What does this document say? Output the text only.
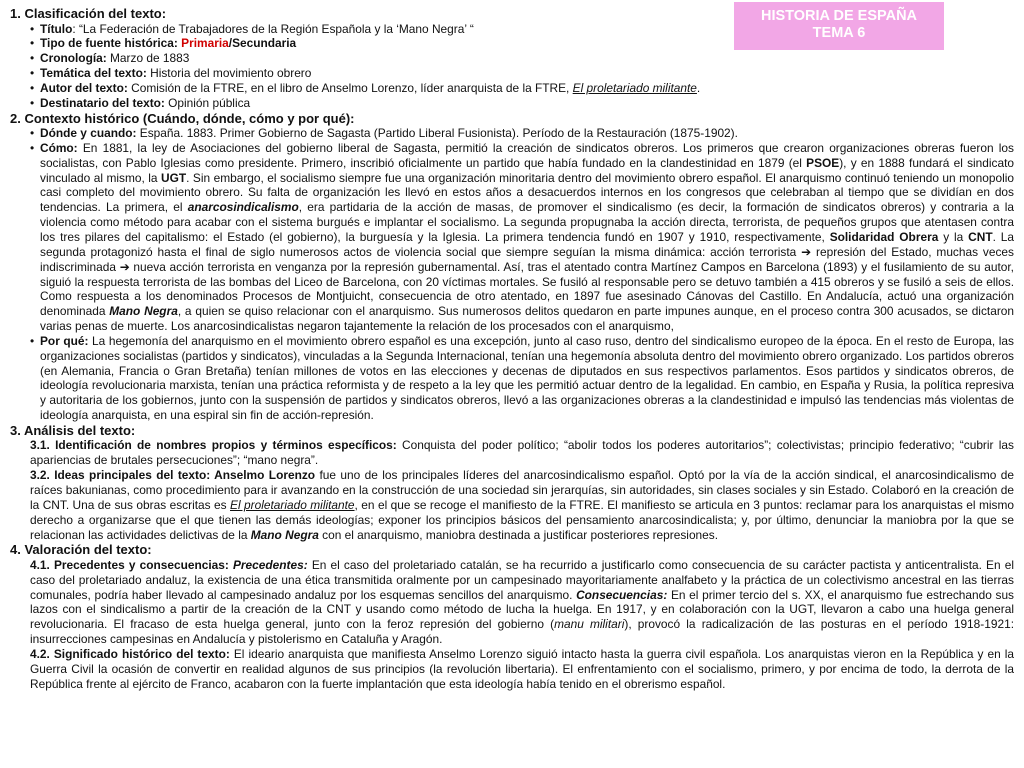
HISTORIA DE ESPAÑA
TEMA 6
1. Clasificación del texto:
• Título: “La Federación de Trabajadores de la Región Española y la ‘Mano Negra’ “
• Tipo de fuente histórica: Primaria/Secundaria
• Cronología: Marzo de 1883
• Temática del texto: Historia del movimiento obrero
• Autor del texto: Comisión de la FTRE, en el libro de Anselmo Lorenzo, líder anarquista de la FTRE, El proletariado militante.
• Destinatario del texto: Opinión pública
2. Contexto histórico (Cuándo, dónde, cómo y por qué):
• Dónde y cuando: España. 1883. Primer Gobierno de Sagasta (Partido Liberal Fusionista). Período de la Restauración (1875-1902).
• Cómo: En 1881, la ley de Asociaciones del gobierno liberal de Sagasta, permitió la creación de sindicatos obreros. Los primeros que crearon organizaciones obreras fueron los socialistas, con Pablo Iglesias como presidente. Primero, inscribió oficialmente un partido que había fundado en la clandestinidad en 1879 (el PSOE), y en 1888 fundará el sindicato vinculado al mismo, la UGT. Sin embargo, el socialismo siempre fue una organización minoritaria dentro del movimiento obrero español. El anarquismo continuó teniendo un monopolio casi completo del movimiento obrero. Su falta de organización les llevó en estos años a desacuerdos internos en los congresos que celebraban al tiempo que se dividían en dos tendencias. La primera, el anarcosindicalismo, era partidaria de la acción de masas, de promover el sindicalismo (es decir, la formación de sindicatos obreros) y contraria a la violencia como método para acabar con el sistema burgués e implantar el socialismo. La segunda propugnaba la acción directa, terrorista, de pequeños grupos que atentasen contra los tres pilares del capitalismo: el Estado (el gobierno), la burguesía y la Iglesia. La primera tendencia fundó en 1907 y 1910, respectivamente, Solidaridad Obrera y la CNT. La segunda protagonizó hasta el final de siglo numerosos actos de violencia social que siempre seguían la misma dinámica: acción terrorista ➔ represión del Estado, muchas veces indiscriminada ➔ nueva acción terrorista en venganza por la represión gubernamental. Así, tras el atentado contra Martínez Campos en Barcelona (1893) y el fusilamiento de su autor, siguió la respuesta terrorista de las bombas del Liceo de Barcelona, con 20 víctimas mortales. Se fusiló al responsable pero se detuvo también a 415 obreros y se fusiló a seis de ellos. Como respuesta a los denominados Procesos de Montjuicht, consecuencia de otro atentado, en 1897 fue asesinado Cánovas del Castillo. En Andalucía, actuó una organización denominada Mano Negra, a quien se quiso relacionar con el anarquismo. Sus numerosos delitos quedaron en parte impunes aunque, en el proceso contra 300 acusados, se dictaron varias penas de muerte. Los anarcosindicalistas negaron tajantemente la relación de los procesados con el anarquismo,
• Por qué: La hegemonía del anarquismo en el movimiento obrero español es una excepción, junto al caso ruso, dentro del sindicalismo europeo de la época. En el resto de Europa, las organizaciones socialistas (partidos y sindicatos), vinculadas a la Segunda Internacional, tenían una hegemonía absoluta dentro del movimiento obrero organizado. Los partidos obreros (en Alemania, Francia o Gran Bretaña) tenían millones de votos en las elecciones y decenas de diputados en sus respectivos parlamentos. Esos partidos y sindicatos obreros, de ideología revolucionaria marxista, tenían una práctica reformista y de respeto a la ley que les permitió actuar dentro de la legalidad. En cambio, en España y Rusia, la política represiva y autoritaria de los gobiernos, junto con la suspensión de partidos y sindicatos obreros, llevó a las organizaciones obreras a la clandestinidad e impulsó las tendencias más violentas de ideología anarquista, en una espiral sin fin de acción-represión.
3. Análisis del texto:
3.1. Identificación de nombres propios y términos específicos: Conquista del poder político; “abolir todos los poderes autoritarios”; colectivistas; principio federativo; “cubrir las apariencias de brutales persecuciones”; “mano negra”.
3.2. Ideas principales del texto: Anselmo Lorenzo fue uno de los principales líderes del anarcosindicalismo español. Optó por la vía de la acción sindical, el anarcosindicalismo de raíces bakunianas, como procedimiento para ir avanzando en la construcción de una sociedad sin jerarquías, sin autoridades, sin clases sociales y sin Estado. Colaboró en la creación de la CNT. Una de sus obras escritas es El proletariado militante, en el que se recoge el manifiesto de la FTRE. El manifiesto se articula en 3 puntos: reclamar para los anarquistas el mismo derecho a organizarse que el que tienen las demás ideologías; exponer los principios básicos del pensamiento anarcosindicalista; y, por último, denunciar la maniobra por la que se relacionan las actividades delictivas de la Mano Negra con el anarquismo, maniobra destinada a justificar posteriores represiones.
4. Valoración del texto:
4.1. Precedentes y consecuencias: Precedentes: En el caso del proletariado catalán, se ha recurrido a justificarlo como consecuencia de su carácter pactista y anticentralista. En el caso del proletariado andaluz, la existencia de una ética transmitida oralmente por un campesinado mayoritariamente analfabeto y la práctica de un colectivismo ancestral en las tierras comunales, podría haber llevado al campesinado andaluz por los esquemas sencillos del anarquismo. Consecuencias: En el primer tercio del s. XX, el anarquismo fue estrechando sus lazos con el sindicalismo a partir de la creación de la CNT y usando como método de lucha la huelga. En 1917, y en colaboración con la UGT, llevaron a cabo una huelga general revolucionaria. El fracaso de esta huelga general, junto con la feroz represión del gobierno (manu militari), provocó la radicalización de las posturas en el período 1918-1921: insurrecciones campesinas en Andalucía y pistolerismo en Cataluña y Aragón.
4.2. Significado histórico del texto: El ideario anarquista que manifiesta Anselmo Lorenzo siguió intacto hasta la guerra civil española. Los anarquistas vieron en la República y en la Guerra Civil la ocasión de convertir en realidad algunos de sus principios (la revolución libertaria). El enfrentamiento con el socialismo, primero, y por encima de todo, la derrota de la República frente al ejército de Franco, acabaron con la fuerte implantación que esta ideología había tenido en el obrerismo español.
